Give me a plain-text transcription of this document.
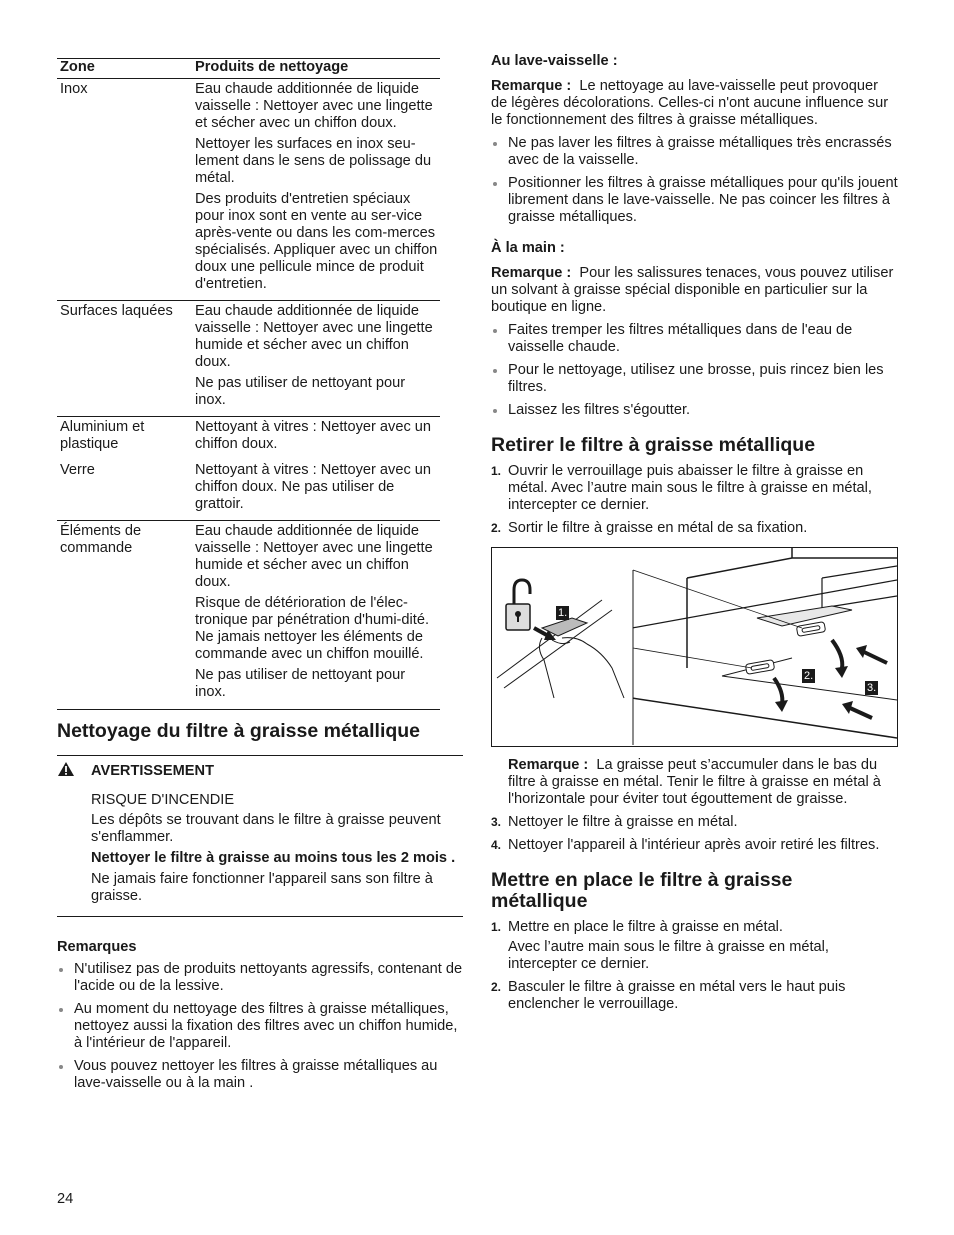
Zone	Produits de nettoyage
Inox	Eau chaude additionnée de liquide vaisselle : Nettoyer avec une lingette et sécher avec un chiffon doux.

Nettoyer les surfaces en inox seu-lement dans le sens de polissage du métal.

Des produits d'entretien spéciaux pour inox sont en vente au ser-vice après-vente ou dans les com-merces spécialisés. Appliquer avec un chiffon doux une pellicule mince de produit d'entretien.

Surfaces laquées	Eau chaude additionnée de liquide vaisselle : Nettoyer avec une lingette humide et sécher avec un chiffon doux.

Ne pas utiliser de nettoyant pour inox.

Aluminium et plastique	Nettoyant à vitres : Nettoyer avec un chiffon doux.

Verre	Nettoyant à vitres : Nettoyer avec un chiffon doux. Ne pas utiliser de grattoir.

Éléments de commande	Eau chaude additionnée de liquide vaisselle : Nettoyer avec une lingette humide et sécher avec un chiffon doux.

Risque de détérioration de l'élec-tronique par pénétration d'humi-dité. Ne jamais nettoyer les éléments de commande avec un chiffon mouillé.

Ne pas utiliser de nettoyant pour inox.

Nettoyage du filtre à graisse métallique
AVERTISSEMENT

RISQUE D'INCENDIE

Les dépôts se trouvant dans le filtre à graisse peuvent s'enflammer.

Nettoyer le filtre à graisse au moins tous les 2 mois .

Ne jamais faire fonctionner l'appareil sans son filtre à graisse.

Remarques

N'utilisez pas de produits nettoyants agressifs, contenant de l'acide ou de la lessive.
Au moment du nettoyage des filtres à graisse métalliques, nettoyez aussi la fixation des filtres avec un chiffon humide, à l'intérieur de l'appareil.
Vous pouvez nettoyer les filtres à graisse métalliques au lave-vaisselle ou à la main .

Au lave-vaisselle :

Remarque : Le nettoyage au lave-vaisselle peut provoquer de légères décolorations. Celles-ci n'ont aucune influence sur le fonctionnement des filtres à graisse métalliques.

Ne pas laver les filtres à graisse métalliques très encrassés avec de la vaisselle.
Positionner les filtres à graisse métalliques pour qu'ils jouent librement dans le lave-vaisselle. Ne pas coincer les filtres à graisse métalliques.

À la main :

Remarque : Pour les salissures tenaces, vous pouvez utiliser un solvant à graisse spécial disponible en particulier sur la boutique en ligne.

Faites tremper les filtres métalliques dans de l'eau de vaisselle chaude.
Pour le nettoyage, utilisez une brosse, puis rincez bien les filtres.
Laissez les filtres s'égoutter.
Retirer le filtre à graisse métallique
1. Ouvrir le verrouillage puis abaisser le filtre à graisse en métal. Avec l’autre main sous le filtre à graisse en métal, intercepter ce dernier.
2. Sortir le filtre à graisse en métal de sa fixation.
1.
2.
3.

Remarque : La graisse peut s’accumuler dans le bas du filtre à graisse en métal. Tenir le filtre à graisse en métal à l'horizontale pour éviter tout égouttement de graisse.

3. Nettoyer le filtre à graisse en métal.
4. Nettoyer l'appareil à l'intérieur après avoir retiré les filtres.
Mettre en place le filtre à graisse métallique
1. Mettre en place le filtre à graisse en métal.

Avec l’autre main sous le filtre à graisse en métal, intercepter ce dernier.

2. Basculer le filtre à graisse en métal vers le haut puis enclencher le verrouillage.
24
